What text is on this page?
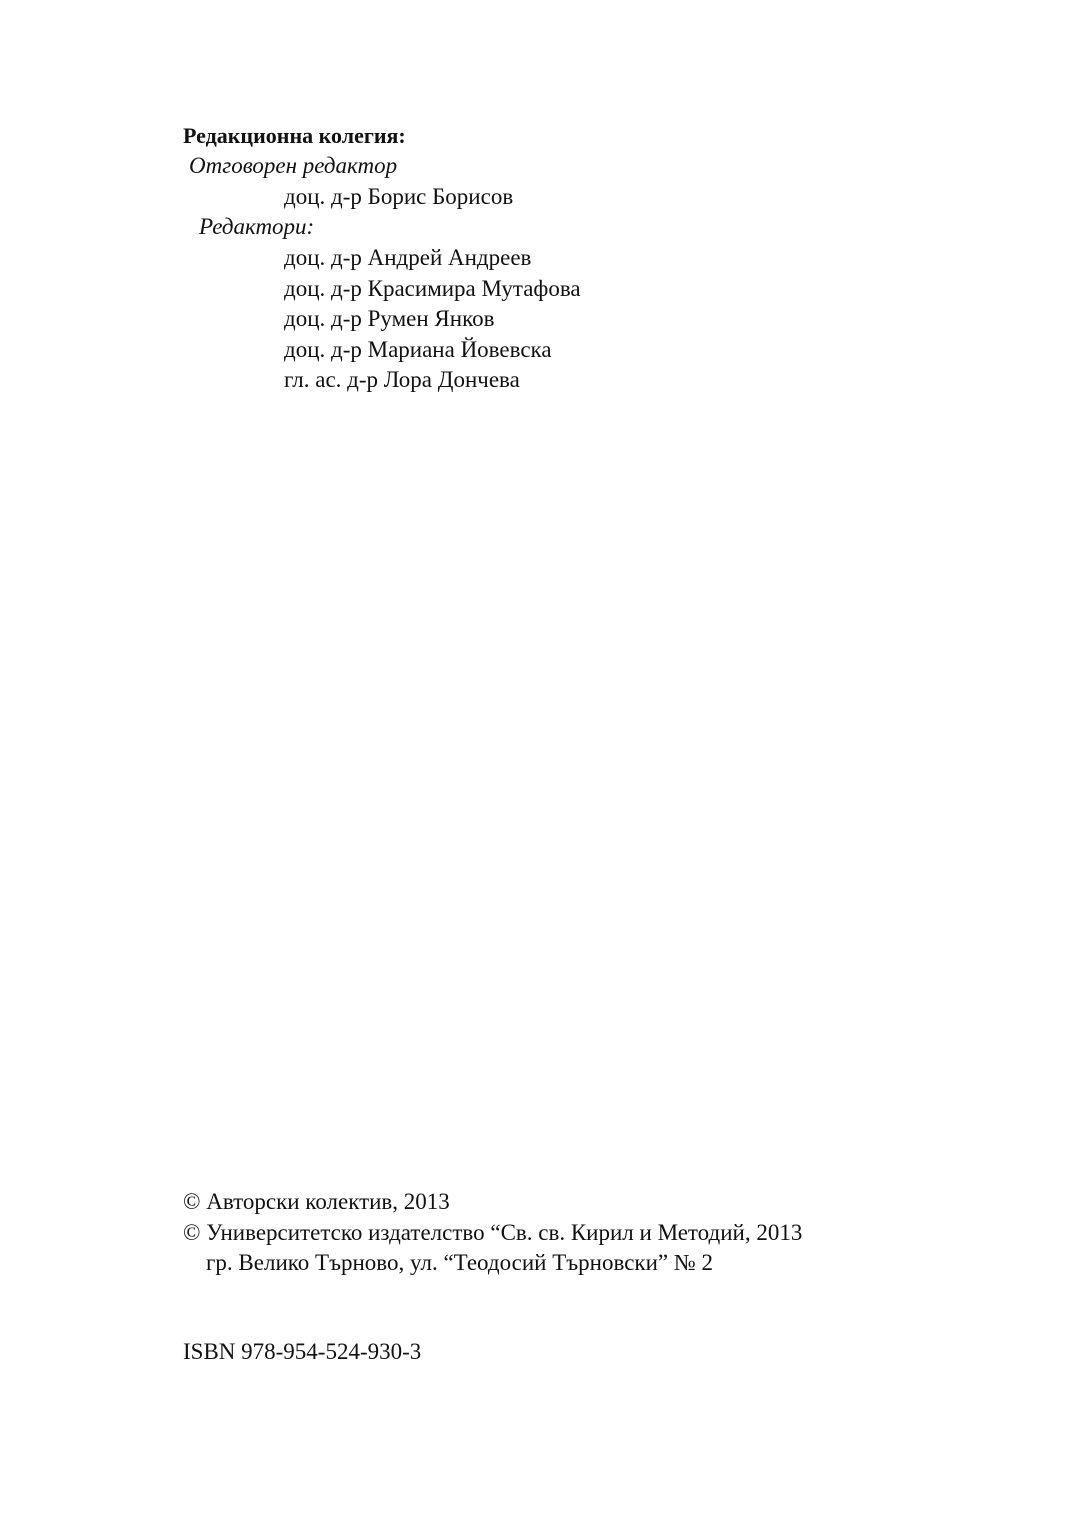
Редакционна колегия:

Отговорен редактор

доц. д-р Борис Борисов

Редактори:

доц. д-р Андрей Андреев

доц. д-р Красимира Мутафова

доц. д-р Румен Янков

доц. д-р Мариана Йовевска

гл. ас. д-р Лора Дончева

© Авторски колектив, 2013

© Университетско издателство “Св. св. Кирил и Методий, 2013

гр. Велико Търново, ул. “Теодосий Търновски” № 2

ISBN 978-954-524-930-3
